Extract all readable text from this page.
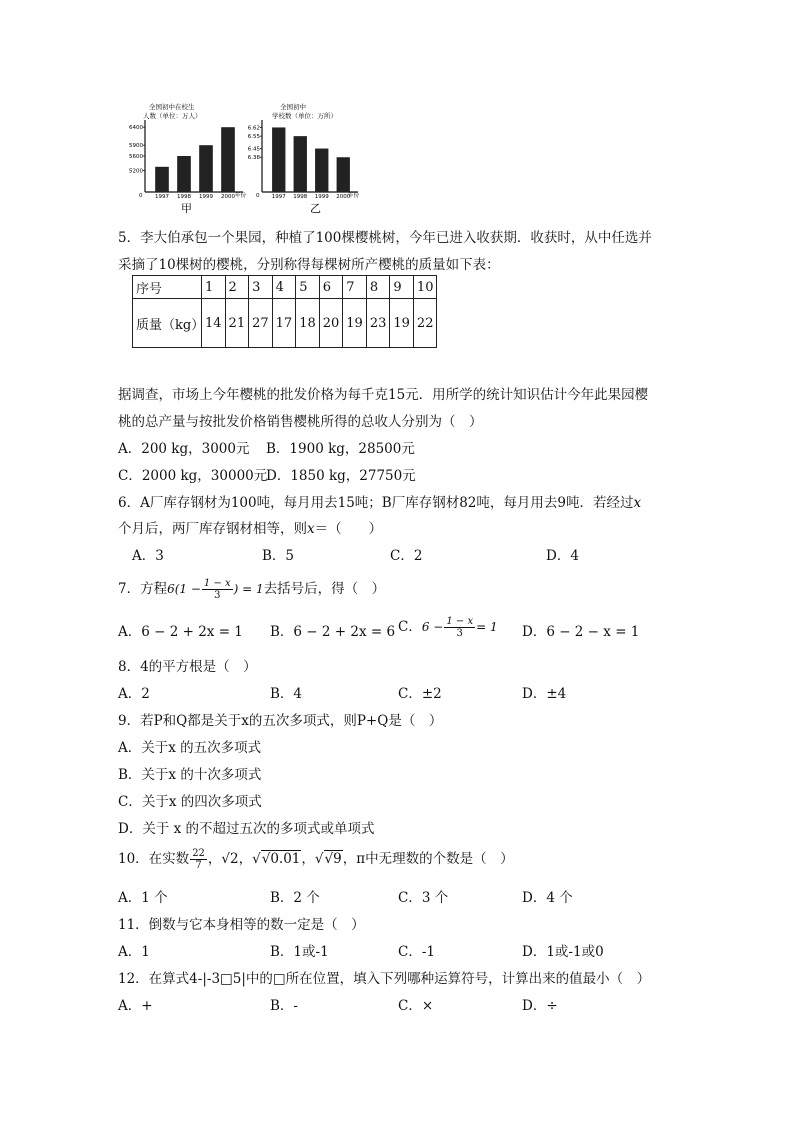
全国初中在校生
人数（单位：万人）
0	年份
甲
1997 1998 1999 2000
6400
5900
5600
5200
全国初中
学校数（单位：万所）
0	年份
乙
1997 1998 1999 2000
6.62
6.55
6.45
6.38
5．李大伯承包一个果园，种植了100棵樱桃树，今年已进入收获期．收获时，从中任选并
采摘了10棵树的樱桃，分别称得每棵树所产樱桃的质量如下表：
序号	1	2	3	4	5	6	7	8	9	10
质量（kg）	14	21	27	17	18	20	19	23	19	22
据调查，市场上今年樱桃的批发价格为每千克15元．用所学的统计知识估计今年此果园樱
桃的总产量与按批发价格销售樱桃所得的总收人分别为（　）
A．200 kg，3000元 B．1900 kg，28500元
C．2000 kg，30000元
D．1850 kg，27750元
6．A厂库存钢材为100吨，每月用去15吨；B厂库存钢材82吨，每月用去9吨．若经过x
个月后，两厂库存钢材相等，则x＝（　　）
A．3	B．5	C．2	D．4
7．方程$6(1 - \frac{1 - x}{3}$ ) = 1去括号后，得（　）
A．6 − 2 + 2x = 1 B．6 − 2 + 2x = 6 C．$6 - \frac{1 - x}{3} = 1$ D．6 − 2 − x = 1
8．4的平方根是（　）
A．2	B．4	C．±2	D．±4
9．若P和Q都是关于x的五次多项式，则P+Q是（　）
A．关于x 的五次多项式
B．关于x 的十次多项式
C．关于x 的四次多项式
D．关于 x 的不超过五次的多项式或单项式
10．在实数 $\frac{22}{7}$ ，√2，√√0.01，√√9，π中无理数的个数是（　）
A．1 个	B．2 个	C．3 个	D．4 个
11．倒数与它本身相等的数一定是（　）
A．1	B．1或-1	C．-1	D．1或-1或0
12．在算式4-|-3□5|中的□所在位置，填入下列哪种运算符号，计算出来的值最小（　）
A．+	B．-	C．×	D．÷
